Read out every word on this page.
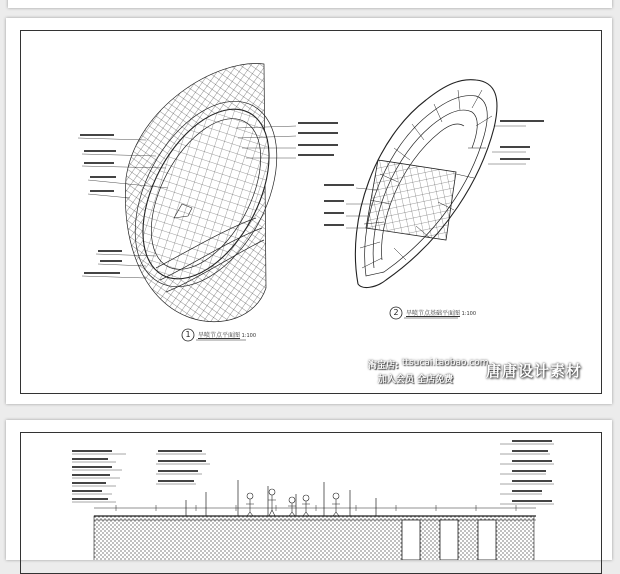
1
2
旱喷节点平面图 1:100
旱喷节点基础平面图 1:100
淘宝店: ttsucai.taobao.com
加入会员 全店免费 唐唐设计素材
